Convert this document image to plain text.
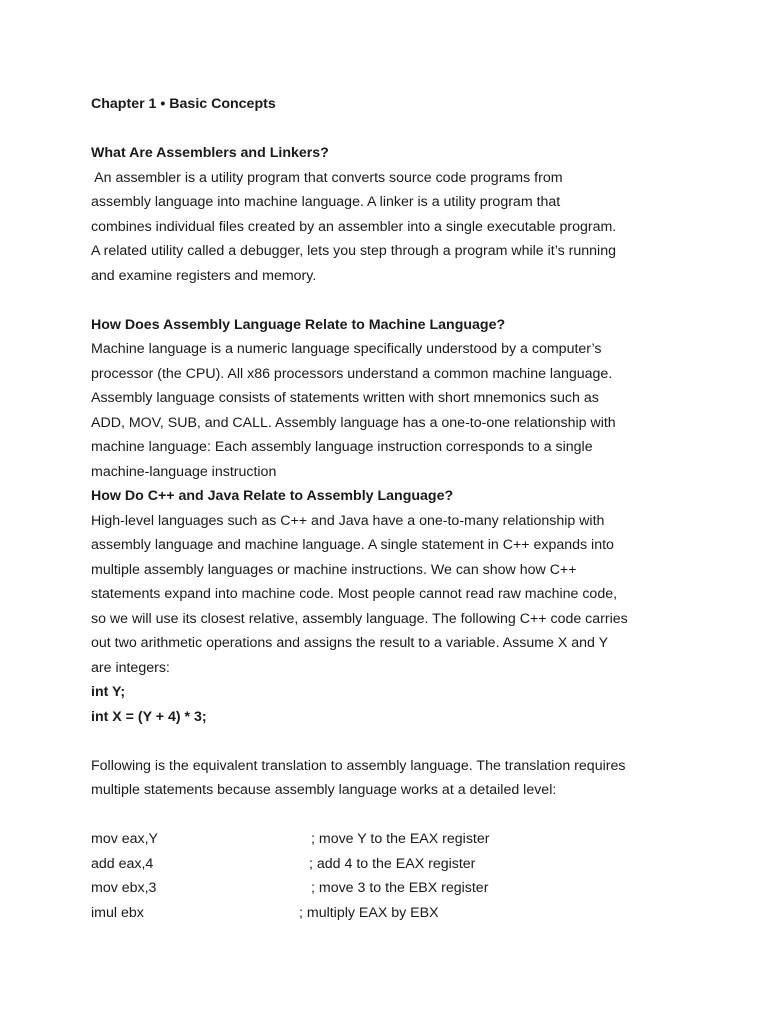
Chapter 1 • Basic Concepts
What Are Assemblers and Linkers?
An assembler is a utility program that converts source code programs from
assembly language into machine language. A linker is a utility program that
combines individual files created by an assembler into a single executable program.
A related utility called a debugger, lets you step through a program while it’s running
and examine registers and memory.
How Does Assembly Language Relate to Machine Language?
Machine language is a numeric language specifically understood by a computer’s
processor (the CPU). All x86 processors understand a common machine language.
Assembly language consists of statements written with short mnemonics such as
ADD, MOV, SUB, and CALL. Assembly language has a one-to-one relationship with
machine language: Each assembly language instruction corresponds to a single
machine-language instruction
How Do C++ and Java Relate to Assembly Language?
High-level languages such as C++ and Java have a one-to-many relationship with
assembly language and machine language. A single statement in C++ expands into
multiple assembly languages or machine instructions. We can show how C++
statements expand into machine code. Most people cannot read raw machine code,
so we will use its closest relative, assembly language. The following C++ code carries
out two arithmetic operations and assigns the result to a variable. Assume X and Y
are integers:
int Y;
int X = (Y + 4) * 3;
Following is the equivalent translation to assembly language. The translation requires
multiple statements because assembly language works at a detailed level:
mov eax,Y	; move Y to the EAX register
add eax,4	; add 4 to the EAX register
mov ebx,3	; move 3 to the EBX register
imul ebx	; multiply EAX by EBX
